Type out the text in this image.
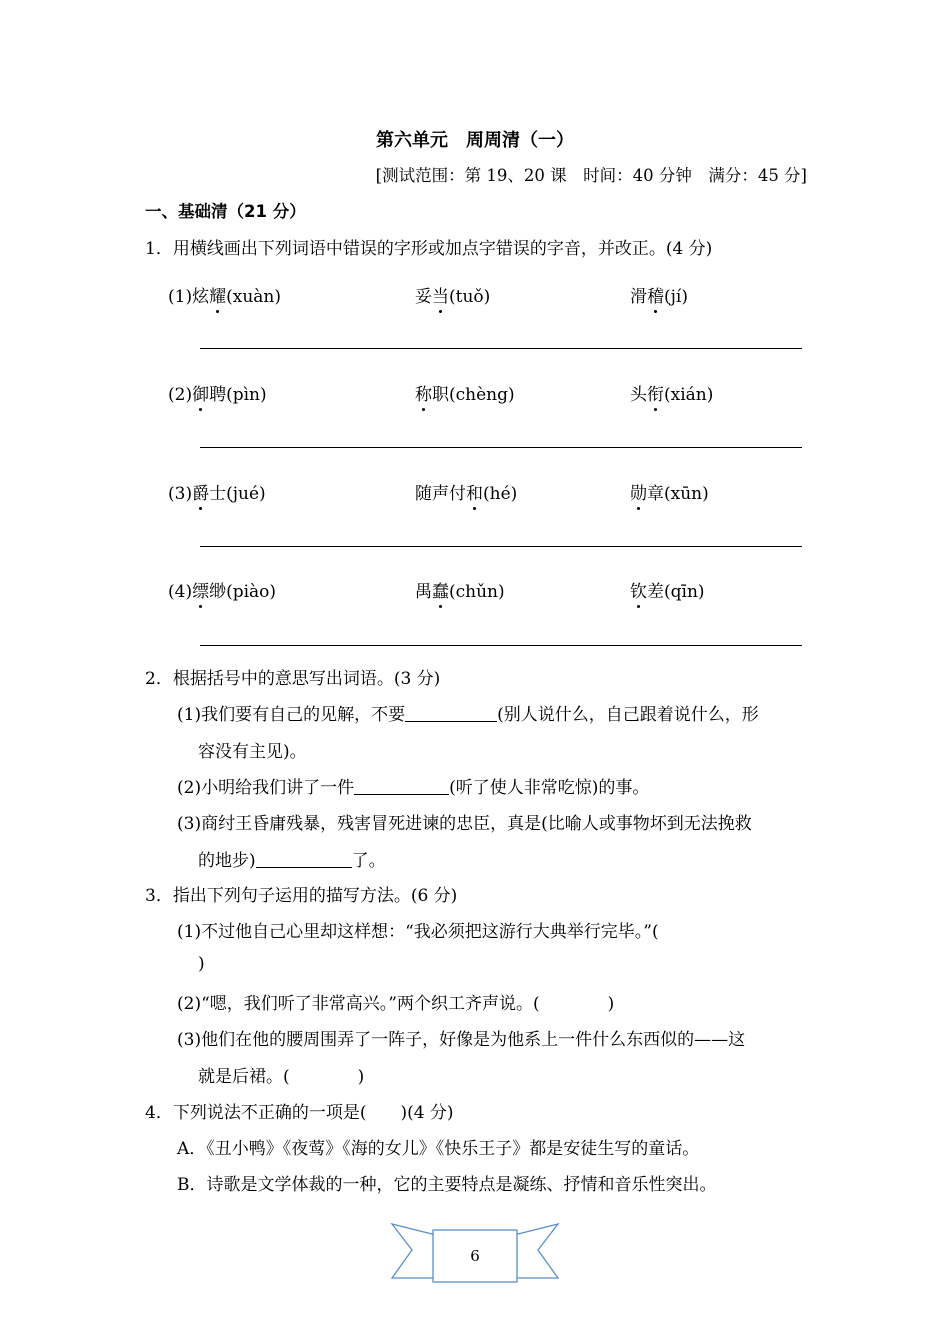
第六单元　周周清（一）
[测试范围：第 19、20 课　时间：40 分钟　满分：45 分]
一、基础清（21 分）
1．用横线画出下列词语中错误的字形或加点字错误的字音，并改正。(4 分)
(1)炫耀(xuàn)	妥当(tuǒ)	滑稽(jí)
(2)御聘(pìn)	称职(chèng)	头衔(xián)
(3)爵士(jué)	随声付和(hé)	勋章(xūn)
(4)缥缈(piào)	禺蠢(chǔn)	钦差(qīn)
2．根据括号中的意思写出词语。(3 分)
(1)我们要有自己的见解，不要	(别人说什么，自己跟着说什么，形
容没有主见)。
(2)小明给我们讲了一件	(听了使人非常吃惊)的事。
(3)商纣王昏庸残暴，残害冒死进谏的忠臣，真是(比喻人或事物坏到无法挽救
的地步)	了。
3．指出下列句子运用的描写方法。(6 分)
(1)不过他自己心里却这样想：“我必须把这游行大典举行完毕。”(
)
(2)“嗯，我们听了非常高兴。”两个织工齐声说。(　　　　)
(3)他们在他的腰周围弄了一阵子，好像是为他系上一件什么东西似的——这
就是后裙。(　　　　)
4．下列说法不正确的一项是(　　)(4 分)
A．《丑小鸭》《夜莺》《海的女儿》《快乐王子》都是安徒生写的童话。
B．诗歌是文学体裁的一种，它的主要特点是凝练、抒情和音乐性突出。
6
